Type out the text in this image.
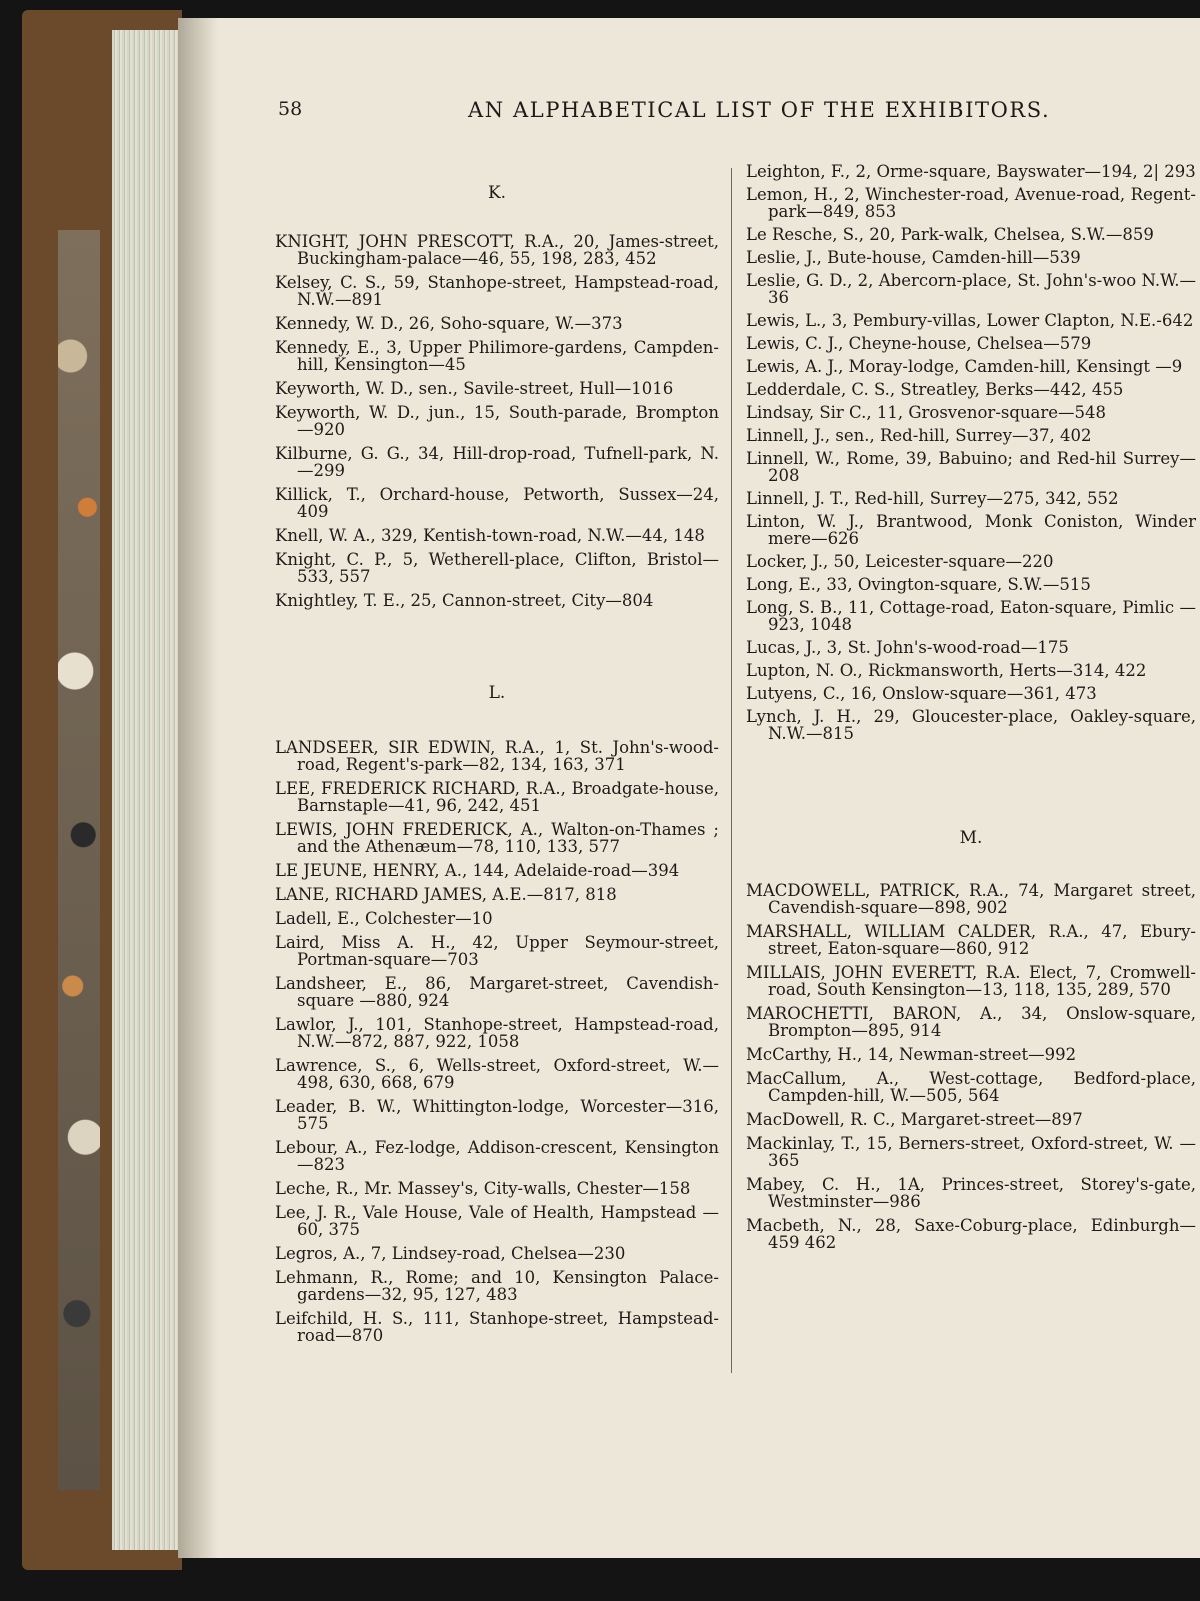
58	AN ALPHABETICAL LIST OF THE EXHIBITORS.

K.

KNIGHT, JOHN PRESCOTT, R.A., 20, James-street, Buckingham-palace—46, 55, 198, 283, 452

Kelsey, C. S., 59, Stanhope-street, Hampstead-road, N.W.—891

Kennedy, W. D., 26, Soho-square, W.—373

Kennedy, E., 3, Upper Philimore-gardens, Campden-hill, Kensington—45

Keyworth, W. D., sen., Savile-street, Hull—1016

Keyworth, W. D., jun., 15, South-parade, Brompton —920

Kilburne, G. G., 34, Hill-drop-road, Tufnell-park, N. —299

Killick, T., Orchard-house, Petworth, Sussex—24, 409

Knell, W. A., 329, Kentish-town-road, N.W.—44, 148

Knight, C. P., 5, Wetherell-place, Clifton, Bristol—533, 557

Knightley, T. E., 25, Cannon-street, City—804

L.

LANDSEER, SIR EDWIN, R.A., 1, St. John's-wood-road, Regent's-park—82, 134, 163, 371

LEE, FREDERICK RICHARD, R.A., Broadgate-house, Barnstaple—41, 96, 242, 451

LEWIS, JOHN FREDERICK, A., Walton-on-Thames ; and the Athenæum—78, 110, 133, 577

LE JEUNE, HENRY, A., 144, Adelaide-road—394

LANE, RICHARD JAMES, A.E.—817, 818

Ladell, E., Colchester—10

Laird, Miss A. H., 42, Upper Seymour-street, Portman-square—703

Landsheer, E., 86, Margaret-street, Cavendish-square —880, 924

Lawlor, J., 101, Stanhope-street, Hampstead-road, N.W.—872, 887, 922, 1058

Lawrence, S., 6, Wells-street, Oxford-street, W.—498, 630, 668, 679

Leader, B. W., Whittington-lodge, Worcester—316, 575

Lebour, A., Fez-lodge, Addison-crescent, Kensington —823

Leche, R., Mr. Massey's, City-walls, Chester—158

Lee, J. R., Vale House, Vale of Health, Hampstead —60, 375

Legros, A., 7, Lindsey-road, Chelsea—230

Lehmann, R., Rome; and 10, Kensington Palace-gardens—32, 95, 127, 483

Leifchild, H. S., 111, Stanhope-street, Hampstead-road—870

Leighton, F., 2, Orme-square, Bayswater—194, 2| 293

Lemon, H., 2, Winchester-road, Avenue-road, Regent-park—849, 853

Le Resche, S., 20, Park-walk, Chelsea, S.W.—859

Leslie, J., Bute-house, Camden-hill—539

Leslie, G. D., 2, Abercorn-place, St. John's-woo N.W.—36

Lewis, L., 3, Pembury-villas, Lower Clapton, N.E.-642

Lewis, C. J., Cheyne-house, Chelsea—579

Lewis, A. J., Moray-lodge, Camden-hill, Kensingt —9

Ledderdale, C. S., Streatley, Berks—442, 455

Lindsay, Sir C., 11, Grosvenor-square—548

Linnell, J., sen., Red-hill, Surrey—37, 402

Linnell, W., Rome, 39, Babuino; and Red-hil Surrey—208

Linnell, J. T., Red-hill, Surrey—275, 342, 552

Linton, W. J., Brantwood, Monk Coniston, Winder mere—626

Locker, J., 50, Leicester-square—220

Long, E., 33, Ovington-square, S.W.—515

Long, S. B., 11, Cottage-road, Eaton-square, Pimlic —923, 1048

Lucas, J., 3, St. John's-wood-road—175

Lupton, N. O., Rickmansworth, Herts—314, 422

Lutyens, C., 16, Onslow-square—361, 473

Lynch, J. H., 29, Gloucester-place, Oakley-square, N.W.—815

M.

MACDOWELL, PATRICK, R.A., 74, Margaret street, Cavendish-square—898, 902

MARSHALL, WILLIAM CALDER, R.A., 47, Ebury-street, Eaton-square—860, 912

MILLAIS, JOHN EVERETT, R.A. Elect, 7, Cromwell-road, South Kensington—13, 118, 135, 289, 570

MAROCHETTI, BARON, A., 34, Onslow-square, Brompton—895, 914

McCarthy, H., 14, Newman-street—992

MacCallum, A., West-cottage, Bedford-place, Campden-hill, W.—505, 564

MacDowell, R. C., Margaret-street—897

Mackinlay, T., 15, Berners-street, Oxford-street, W. —365

Mabey, C. H., 1A, Princes-street, Storey's-gate, Westminster—986

Macbeth, N., 28, Saxe-Coburg-place, Edinburgh—459 462
